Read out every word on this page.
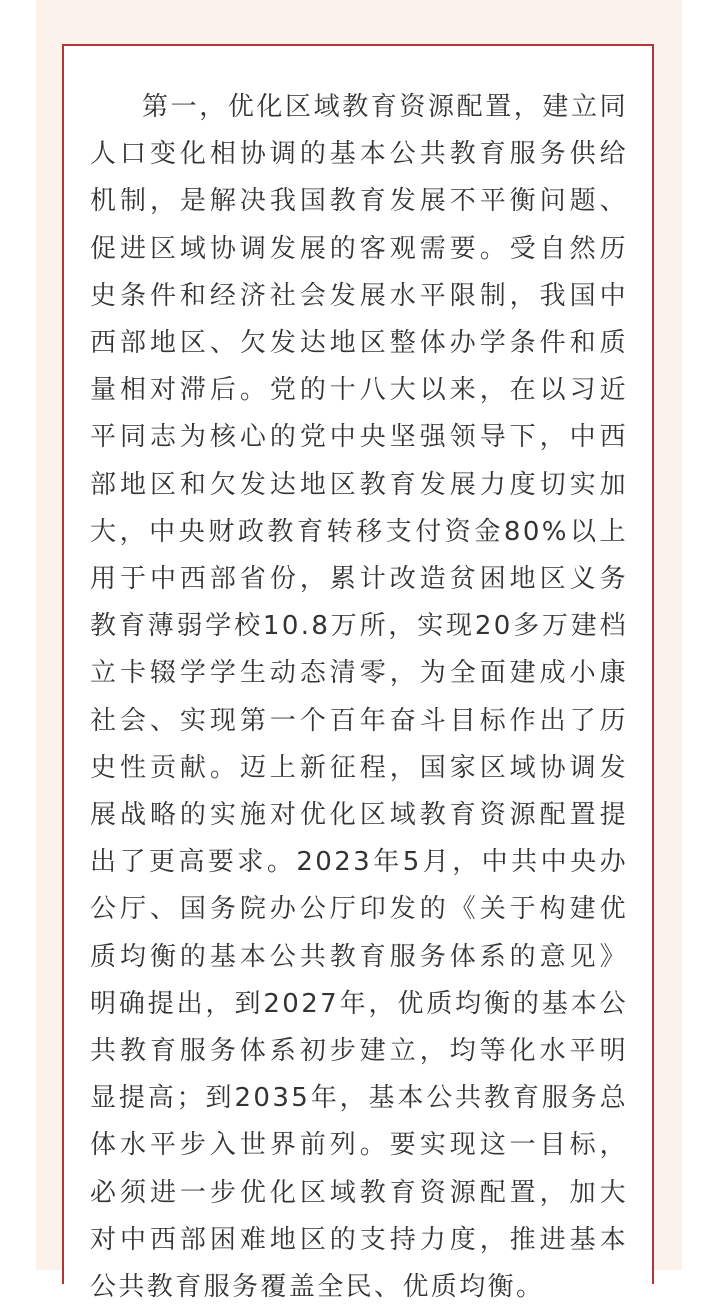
第一，优化区域教育资源配置，建立同人口变化相协调的基本公共教育服务供给机制，是解决我国教育发展不平衡问题、促进区域协调发展的客观需要。受自然历史条件和经济社会发展水平限制，我国中西部地区、欠发达地区整体办学条件和质量相对滞后。党的十八大以来，在以习近平同志为核心的党中央坚强领导下，中西部地区和欠发达地区教育发展力度切实加大，中央财政教育转移支付资金80%以上用于中西部省份，累计改造贫困地区义务教育薄弱学校10.8万所，实现20多万建档立卡辍学学生动态清零，为全面建成小康社会、实现第一个百年奋斗目标作出了历史性贡献。迈上新征程，国家区域协调发展战略的实施对优化区域教育资源配置提出了更高要求。2023年5月，中共中央办公厅、国务院办公厅印发的《关于构建优质均衡的基本公共教育服务体系的意见》明确提出，到2027年，优质均衡的基本公共教育服务体系初步建立，均等化水平明显提高；到2035年，基本公共教育服务总体水平步入世界前列。要实现这一目标，必须进一步优化区域教育资源配置，加大对中西部困难地区的支持力度，推进基本公共教育服务覆盖全民、优质均衡。
